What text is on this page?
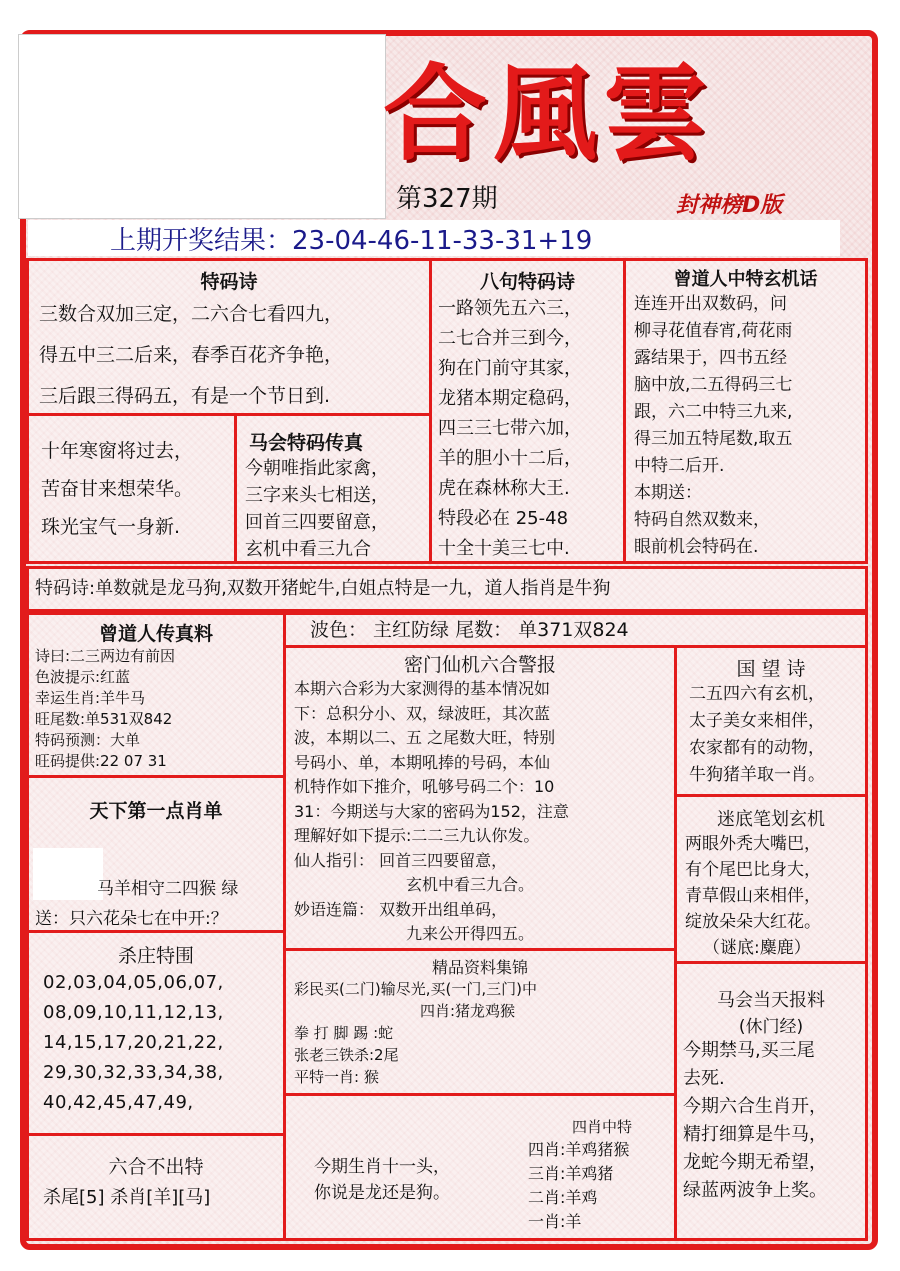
合風雲
封神榜D版
第327期
上期开奖结果：23-04-46-11-33-31+19
特码诗
三数合双加三定，二六合七看四九，
得五中三二后来，春季百花齐争艳，
三后跟三得码五，有是一个节日到.
八句特码诗
一路领先五六三，
二七合并三到今，
狗在门前守其家，
龙猪本期定稳码，
四三三七带六加，
羊的胆小十二后，
虎在森林称大王.
特段必在 25-48
十全十美三七中.
曾道人中特玄机话
连连开出双数码，问
柳寻花值春宵,荷花雨
露结果于，四书五经
脑中放,二五得码三七
跟，六二中特三九来,
得三加五特尾数,取五
中特二后开.
本期送：
特码自然双数来，
眼前机会特码在.
十年寒窗将过去，
苦奋甘来想荣华。
珠光宝气一身新.
马会特码传真
今朝唯指此家禽，
三字来头七相送，
回首三四要留意，
玄机中看三九合
特码诗:单数就是龙马狗,双数开猪蛇牛,白姐点特是一九，道人指肖是牛狗
曾道人传真料
诗曰:二三两边有前因
色波提示:红蓝
幸运生肖:羊牛马
旺尾数:单531双842
特码预测：大单
旺码提供:22 07 31
天下第一点肖单
马羊相守二四猴 绿
送：只六花朵七在中开:？
杀庄特围
02,03,04,05,06,07,
08,09,10,11,12,13,
14,15,17,20,21,22,
29,30,32,33,34,38,
40,42,45,47,49,
六合不出特
杀尾[5] 杀肖[羊][马]
波色： 主红防绿 尾数： 单371双824
密门仙机六合警报
本期六合彩为大家测得的基本情况如
下：总积分小、双，绿波旺，其次蓝
波，本期以二、五 之尾数大旺，特别
号码小、单，本期吼捧的号码，本仙
机特作如下推介，吼够号码二个：10
31：今期送与大家的密码为152，注意
理解好如下提示:二二三九认你发。
仙人指引： 回首三四要留意，
玄机中看三九合。
妙语连篇： 双数开出组单码，
九来公开得四五。
精品资料集锦
彩民买(二门)输尽光,买(一门,三门)中
四肖:猪龙鸡猴
拳 打 脚 踢 :蛇
张老三铁杀:2尾
平特一肖: 猴
今期生肖十一头，
你说是龙还是狗。
四肖中特
四肖:羊鸡猪猴
三肖:羊鸡猪
二肖:羊鸡
一肖:羊
国 望 诗
二五四六有玄机，
太子美女来相伴，
农家都有的动物，
牛狗猪羊取一肖。
迷底笔划玄机
两眼外秃大嘴巴，
有个尾巴比身大，
青草假山来相伴，
绽放朵朵大红花。
（谜底:麋鹿）
马会当天报料
(休门经)
今期禁马,买三尾
去死.
今期六合生肖开，
精打细算是牛马，
龙蛇今期无希望，
绿蓝两波争上奖。
